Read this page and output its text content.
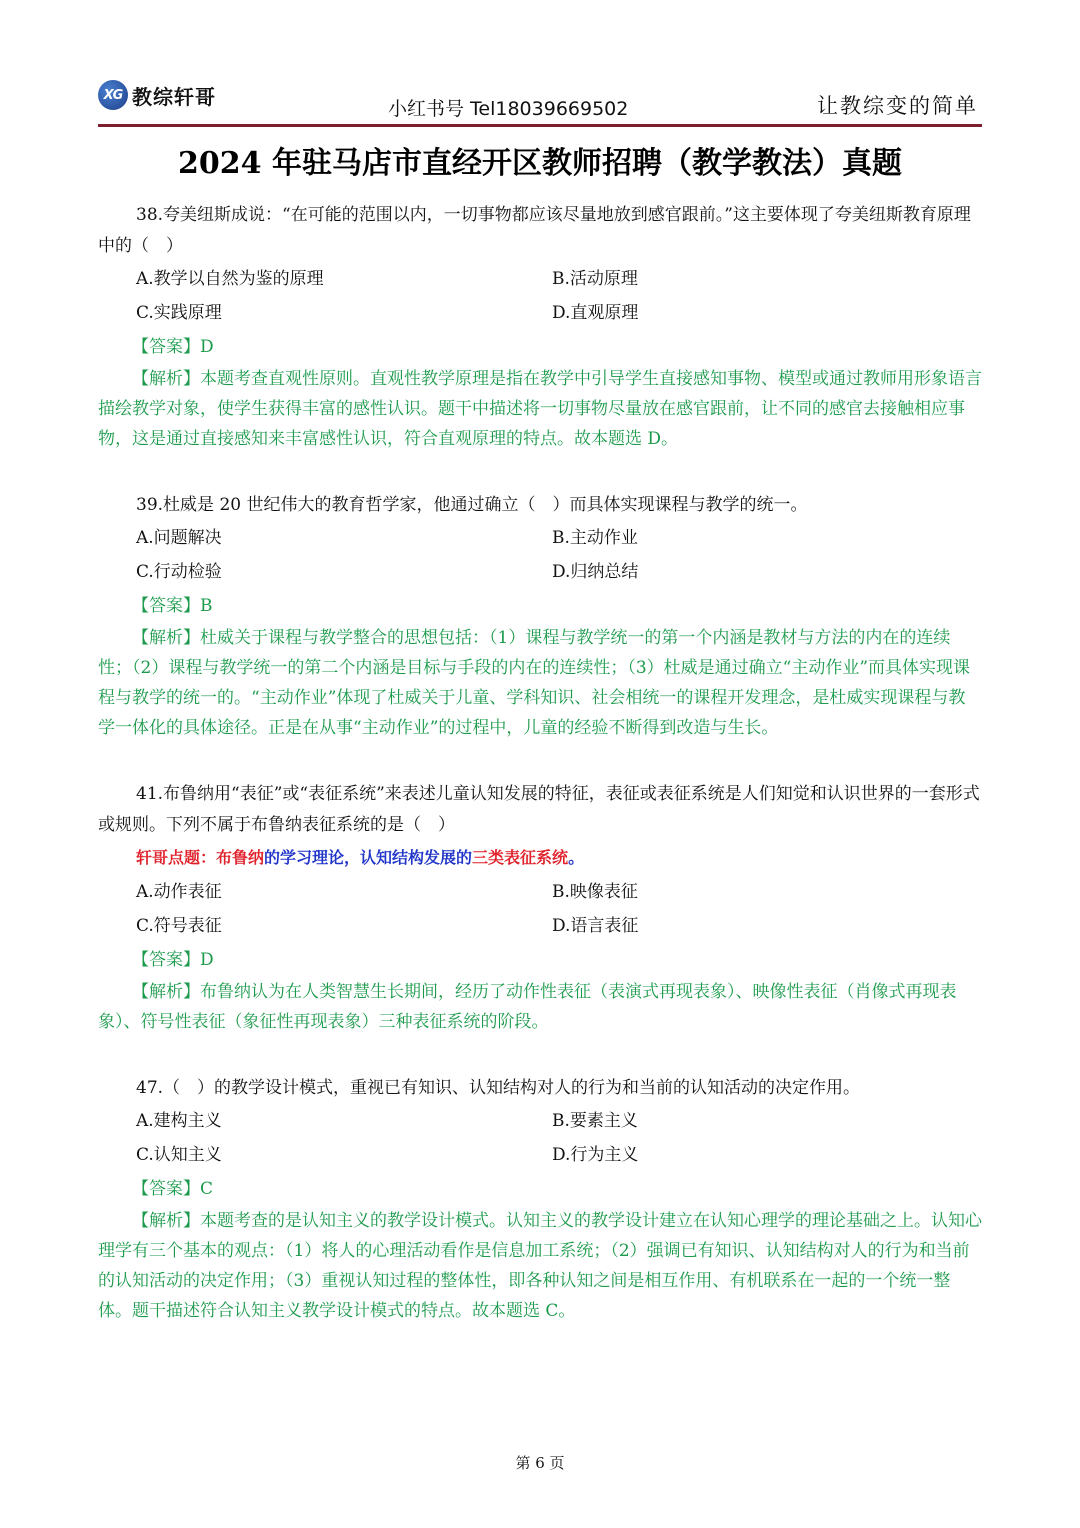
XG 教综轩哥
小红书号 Tel18039669502	让教综变的简单
2024 年驻马店市直经开区教师招聘（教学教法）真题

38.夸美纽斯成说：“在可能的范围以内，一切事物都应该尽量地放到感官跟前。”这主要体现了夸美纽斯教育原理中的（　）

A.教学以自然为鉴的原理	B.活动原理
C.实践原理	D.直观原理
【答案】D

【解析】本题考查直观性原则。直观性教学原理是指在教学中引导学生直接感知事物、模型或通过教师用形象语言描绘教学对象，使学生获得丰富的感性认识。题干中描述将一切事物尽量放在感官跟前，让不同的感官去接触相应事物，这是通过直接感知来丰富感性认识，符合直观原理的特点。故本题选 D。

39.杜威是 20 世纪伟大的教育哲学家，他通过确立（　）而具体实现课程与教学的统一。

A.问题解决	B.主动作业
C.行动检验	D.归纳总结
【答案】B

【解析】杜威关于课程与教学整合的思想包括：（1）课程与教学统一的第一个内涵是教材与方法的内在的连续性；（2）课程与教学统一的第二个内涵是目标与手段的内在的连续性；（3）杜威是通过确立“主动作业”而具体实现课程与教学的统一的。“主动作业”体现了杜威关于儿童、学科知识、社会相统一的课程开发理念，是杜威实现课程与教学一体化的具体途径。正是在从事“主动作业”的过程中，儿童的经验不断得到改造与生长。

41.布鲁纳用“表征”或“表征系统”来表述儿童认知发展的特征，表征或表征系统是人们知觉和认识世界的一套形式或规则。下列不属于布鲁纳表征系统的是（　）

轩哥点题：布鲁纳的学习理论，认知结构发展的三类表征系统。
A.动作表征	B.映像表征
C.符号表征	D.语言表征
【答案】D

【解析】布鲁纳认为在人类智慧生长期间，经历了动作性表征（表演式再现表象）、映像性表征（肖像式再现表象）、符号性表征（象征性再现表象）三种表征系统的阶段。

47.（　）的教学设计模式，重视已有知识、认知结构对人的行为和当前的认知活动的决定作用。

A.建构主义	B.要素主义
C.认知主义	D.行为主义
【答案】C

【解析】本题考查的是认知主义的教学设计模式。认知主义的教学设计建立在认知心理学的理论基础之上。认知心理学有三个基本的观点：（1）将人的心理活动看作是信息加工系统；（2）强调已有知识、认知结构对人的行为和当前的认知活动的决定作用；（3）重视认知过程的整体性，即各种认知之间是相互作用、有机联系在一起的一个统一整体。题干描述符合认知主义教学设计模式的特点。故本题选 C。

第 6 页
